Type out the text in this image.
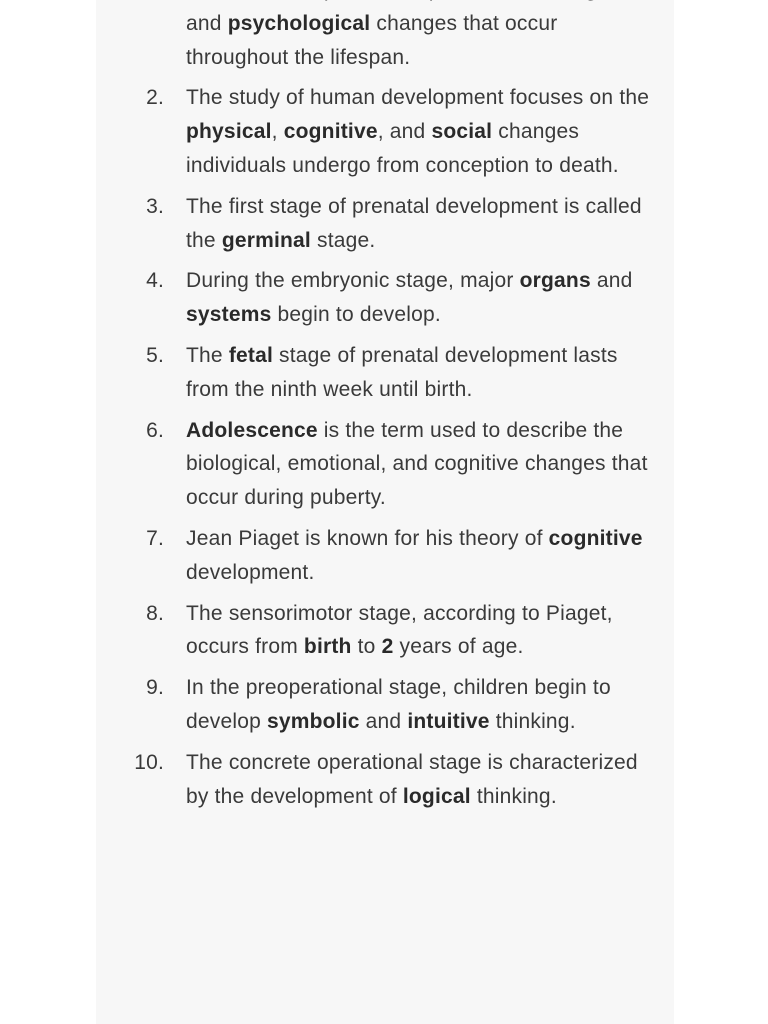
and psychological changes that occur throughout the lifespan.
2. The study of human development focuses on the physical, cognitive, and social changes individuals undergo from conception to death.
3. The first stage of prenatal development is called the germinal stage.
4. During the embryonic stage, major organs and systems begin to develop.
5. The fetal stage of prenatal development lasts from the ninth week until birth.
6. Adolescence is the term used to describe the biological, emotional, and cognitive changes that occur during puberty.
7. Jean Piaget is known for his theory of cognitive development.
8. The sensorimotor stage, according to Piaget, occurs from birth to 2 years of age.
9. In the preoperational stage, children begin to develop symbolic and intuitive thinking.
10. The concrete operational stage is characterized by the development of logical thinking.
